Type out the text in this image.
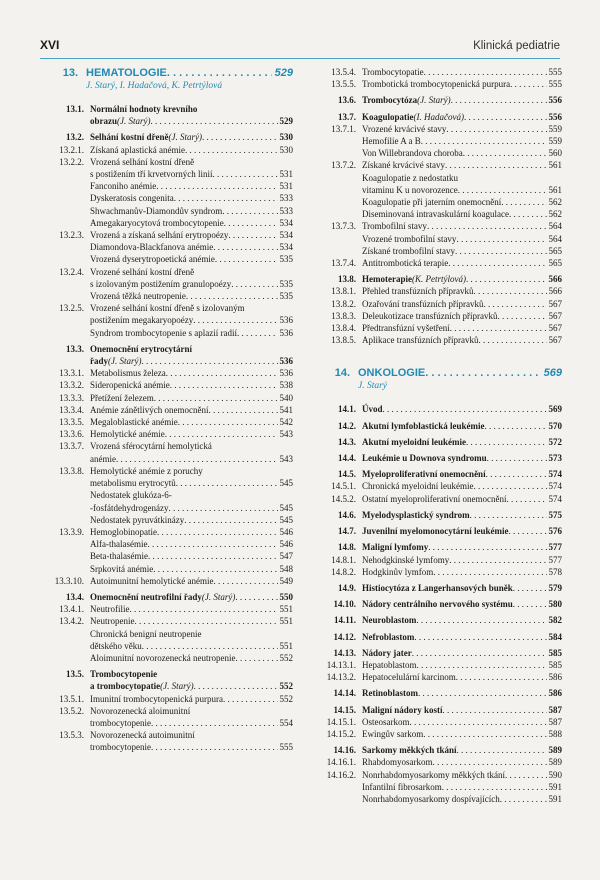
XVI	Klinická pediatrie
13. HEMATOLOGIE . . .	529
J. Starý, I. Hadačová, K. Petrtýlová
13.1. Normální hodnoty krevního
obrazu (J. Starý) . . .	529
13.2. Selhání kostní dřeně (J. Starý) . . .	530
13.2.1. Získaná aplastická anémie . . .	530
13.2.2. Vrozená selhání kostní dřeně
s postižením tří krvetvorných linií . . .	531
Fanconiho anémie . . .	531
Dyskeratosis congenita . . .	533
Shwachmanův-Diamondův syndrom . . .	533
Amegakaryocytová trombocytopenie . . .	534
13.2.3. Vrozená a získaná selhání erytropoézy . . .	534
Diamondova-Blackfanova anémie . . .	534
Vrozená dyserytropoetická anémie . . .	535
13.2.4. Vrozené selhání kostní dřeně
s izolovaným postižením granulopoézy . . .	535
Vrozená těžká neutropenie . . .	535
13.2.5. Vrozené selhání kostní dřeně s izolovaným
postižením megakaryopoézy . . .	536
Syndrom trombocytopenie s aplazií radií . . .	536
13.3. Onemocnění erytrocytární
řady (J. Starý) . . .	536
13.3.1. Metabolismus železa . . .	536
13.3.2. Sideropenická anémie . . .	538
13.3.3. Přetížení železem . . .	540
13.3.4. Anémie zánětlivých onemocnění . . .	541
13.3.5. Megaloblastické anémie . . .	542
13.3.6. Hemolytické anémie . . .	543
13.3.7. Vrozená sférocytární hemolytická
anémie . . .	543
13.3.8. Hemolytické anémie z poruchy
metabolismu erytrocytů . . .	545
Nedostatek glukóza-6-
-fosfátdehydrogenázy . . .	545
Nedostatek pyruvátkinázy . . .	545
13.3.9. Hemoglobinopatie . . .	546
Alfa-thalasémie . . .	546
Beta-thalasémie . . .	547
Srpkovitá anémie . . .	548
13.3.10. Autoimunitní hemolytické anémie . . .	549
13.4. Onemocnění neutrofilní řady (J. Starý) . . .	550
13.4.1. Neutrofilie . . .	551
13.4.2. Neutropenie . . .	551
Chronická benigní neutropenie
dětského věku . . .	551
Aloimunitní novorozenecká neutropenie . . .	552
13.5. Trombocytopenie
a trombocytopatie (J. Starý) . . .	552
13.5.1. Imunitní trombocytopenická purpura . . .	552
13.5.2. Novorozenecká aloimunitní
trombocytopenie . . .	554
13.5.3. Novorozenecká autoimunitní
trombocytopenie . . .	555
13.5.4. Trombocytopatie . . .	555
13.5.5. Trombotická trombocytopenická purpura . . .	555
13.6. Trombocytóza (J. Starý) . . .	556
13.7. Koagulopatie (I. Hadačová) . . .	556
13.7.1. Vrozené krvácivé stavy . . .	559
Hemofilie A a B . . .	559
Von Willebrandova choroba . . .	560
13.7.2. Získané krvácivé stavy . . .	561
Koagulopatie z nedostatku
vitaminu K u novorozence . . .	561
Koagulopatie při jaterním onemocnění . . .	562
Diseminovaná intravaskulární koagulace . . .	562
13.7.3. Trombofilní stavy . . .	564
Vrozené trombofilní stavy . . .	564
Získané trombofilní stavy . . .	565
13.7.4. Antitrombotická terapie . . .	565
13.8. Hemoterapie (K. Petrtýlová) . . .	566
13.8.1. Přehled transfúzních přípravků . . .	566
13.8.2. Ozařování transfúzních přípravků . . .	567
13.8.3. Deleukotizace transfúzních přípravků . . .	567
13.8.4. Předtransfúzní vyšetření . . .	567
13.8.5. Aplikace transfúzních přípravků . . .	567
14. ONKOLOGIE . . .	569
J. Starý
14.1. Úvod . . .	569
14.2. Akutní lymfoblastická leukémie . . .	570
14.3. Akutní myeloidní leukémie . . .	572
14.4. Leukémie u Downova syndromu . . .	573
14.5. Myeloproliferativní onemocnění . . .	574
14.5.1. Chronická myeloidní leukémie . . .	574
14.5.2. Ostatní myeloproliferativní onemocnění . . .	574
14.6. Myelodysplastický syndrom . . .	575
14.7. Juvenilní myelomonocytární leukémie . . .	576
14.8. Maligní lymfomy . . .	577
14.8.1. Nehodgkinské lymfomy . . .	577
14.8.2. Hodgkinův lymfom . . .	578
14.9. Histiocytóza z Langerhansových buněk . . .	579
14.10. Nádory centrálního nervového systému . . .	580
14.11. Neuroblastom . . .	582
14.12. Nefroblastom . . .	584
14.13. Nádory jater . . .	585
14.13.1. Hepatoblastom . . .	585
14.13.2. Hepatocelulární karcinom . . .	586
14.14. Retinoblastom . . .	586
14.15. Maligní nádory kostí . . .	587
14.15.1. Osteosarkom . . .	587
14.15.2. Ewingův sarkom . . .	588
14.16. Sarkomy měkkých tkání . . .	589
14.16.1. Rhabdomyosarkom . . .	589
14.16.2. Nonrhabdomyosarkomy měkkých tkání . . .	590
Infantilní fibrosarkom . . .	591
Nonrhabdomyosarkomy dospívajících . . .	591
